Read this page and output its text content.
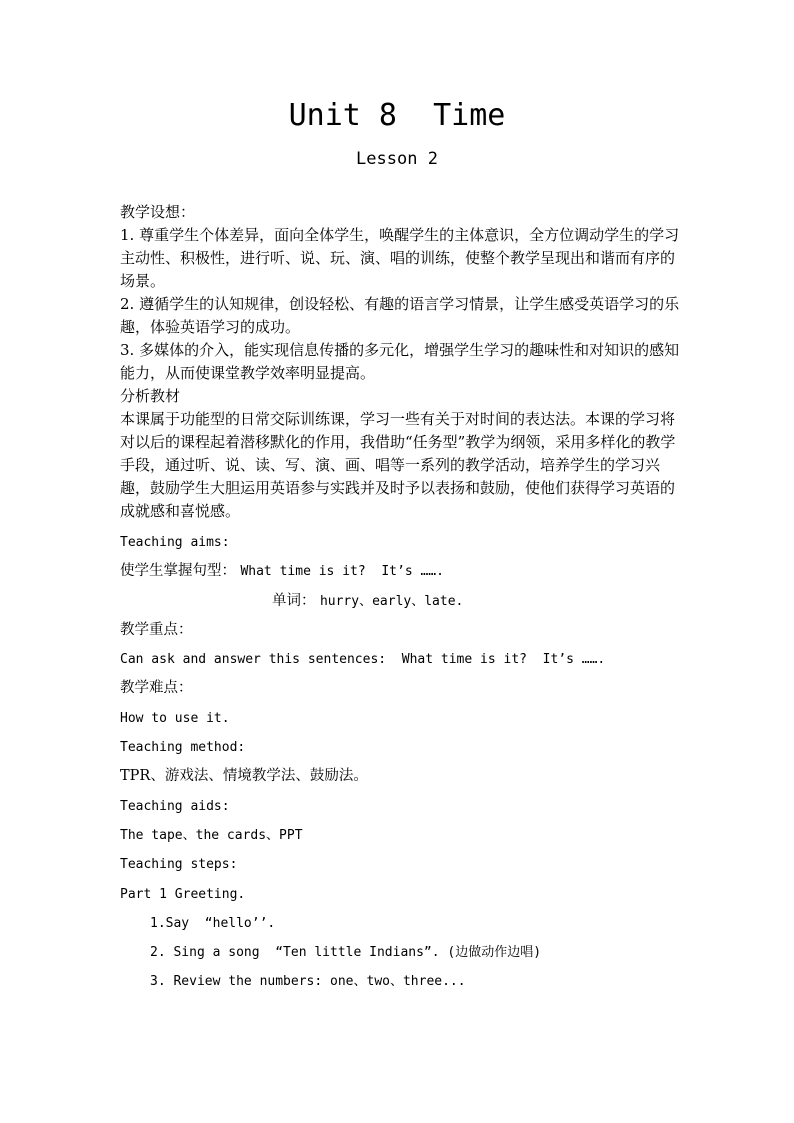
Unit 8  Time
Lesson 2

教学设想：

1. 尊重学生个体差异，面向全体学生，唤醒学生的主体意识，全方位调动学生的学习主动性、积极性，进行听、说、玩、演、唱的训练，使整个教学呈现出和谐而有序的场景。

2. 遵循学生的认知规律，创设轻松、有趣的语言学习情景，让学生感受英语学习的乐趣，体验英语学习的成功。

3. 多媒体的介入，能实现信息传播的多元化，增强学生学习的趣味性和对知识的感知能力，从而使课堂教学效率明显提高。

分析教材

本课属于功能型的日常交际训练课，学习一些有关于对时间的表达法。本课的学习将对以后的课程起着潜移默化的作用，我借助“任务型”教学为纲领，采用多样化的教学手段，通过听、说、读、写、演、画、唱等一系列的教学活动，培养学生的学习兴趣，鼓励学生大胆运用英语参与实践并及时予以表扬和鼓励，使他们获得学习英语的成就感和喜悦感。

Teaching aims:
使学生掌握句型： What time is it?  It’s …….
单词： hurry、early、late.
教学重点：
Can ask and answer this sentences:  What time is it?  It’s …….
教学难点：
How to use it.
Teaching method:
TPR、游戏法、情境教学法、鼓励法。
Teaching aids:
The tape、the cards、PPT
Teaching steps:
Part 1 Greeting.
1.Say  “hello’’.
2. Sing a song  “Ten little Indians”. (边做动作边唱)
3. Review the numbers: one、two、three...
